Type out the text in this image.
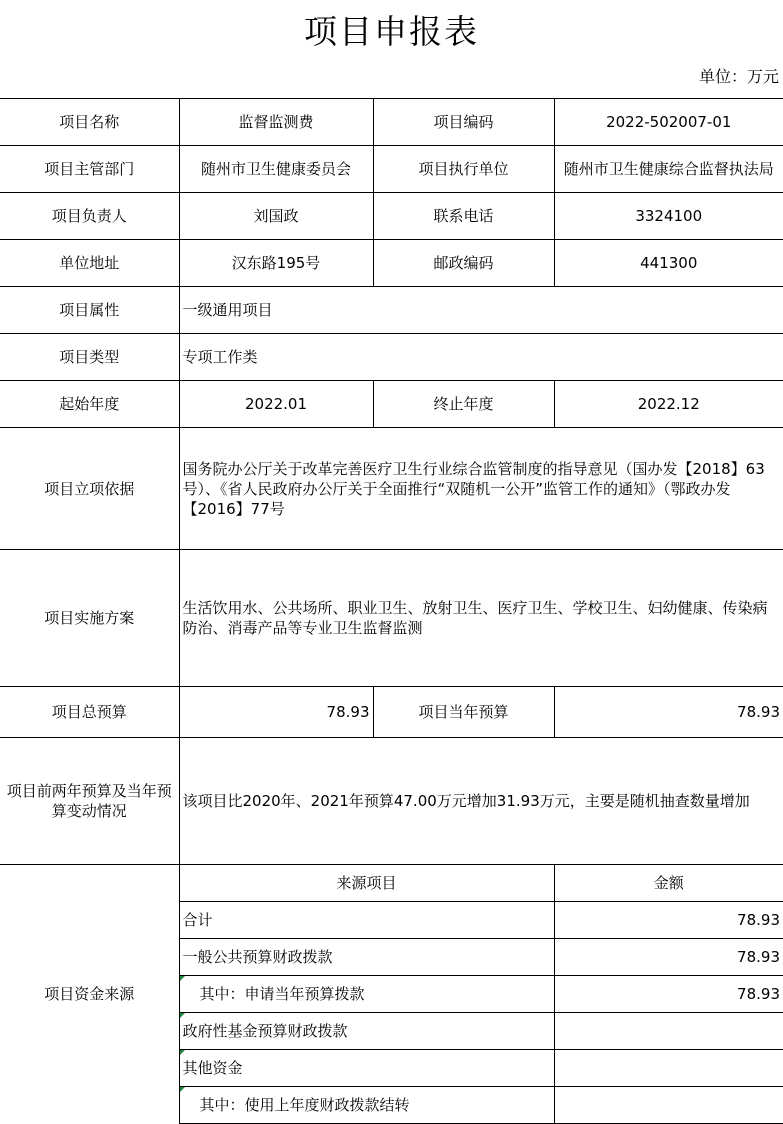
项目申报表
单位：万元
项目名称	监督监测费	项目编码	2022-502007-01
项目主管部门	随州市卫生健康委员会	项目执行单位	随州市卫生健康综合监督执法局
项目负责人	刘国政	联系电话	3324100
单位地址	汉东路195号	邮政编码	441300
项目属性	一级通用项目		
项目类型	专项工作类		
起始年度	2022.01	终止年度	2022.12
项目立项依据	国务院办公厅关于改革完善医疗卫生行业综合监管制度的指导意见（国办发【2018】63号）、《省人民政府办公厅关于全面推行“双随机一公开”监管工作的通知》（鄂政办发【2016】77号		
项目实施方案	生活饮用水、公共场所、职业卫生、放射卫生、医疗卫生、学校卫生、妇幼健康、传染病防治、消毒产品等专业卫生监督监测		
项目总预算	78.93	项目当年预算	78.93
项目前两年预算及当年预算变动情况	该项目比2020年、2021年预算47.00万元增加31.93万元，主要是随机抽查数量增加		
项目资金来源	来源项目		金额
	合计		78.93
	一般公共预算财政拨款		78.93
	其中：申请当年预算拨款		78.93
	政府性基金预算财政拨款		
	其他资金		
	其中：使用上年度财政拨款结转		
